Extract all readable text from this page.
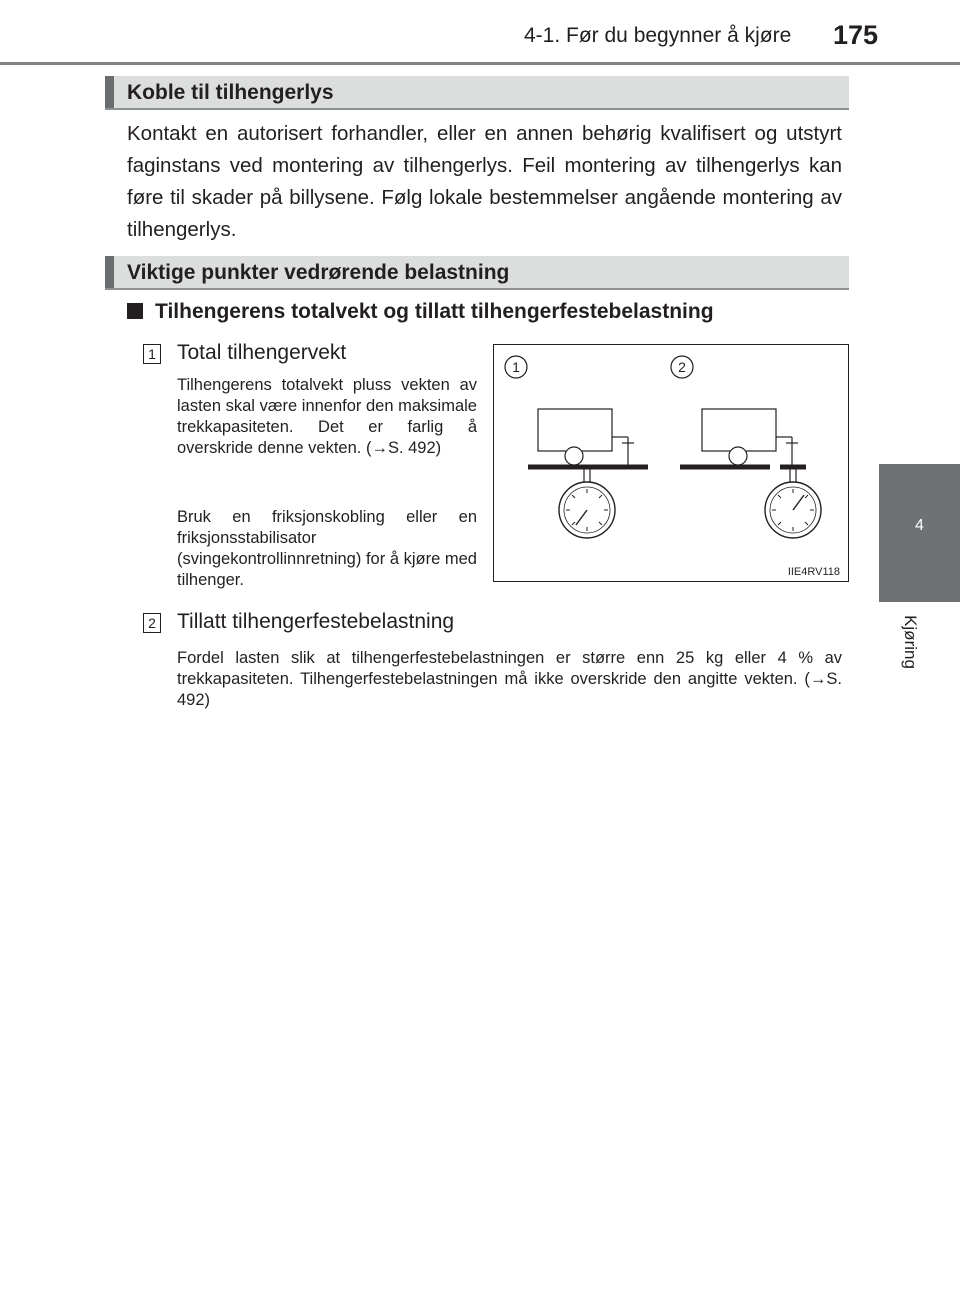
4-1. Før du begynner å kjøre 175
4
Kjøring
Koble til tilhengerlys
Kontakt en autorisert forhandler, eller en annen behørig kvalifisert og utstyrt faginstans ved montering av tilhengerlys. Feil montering av tilhengerlys kan føre til skader på billysene. Følg lokale bestemmelser angående montering av tilhengerlys.
Viktige punkter vedrørende belastning
Tilhengerens totalvekt og tillatt tilhengerfestebelastning
1 Total tilhengervekt
Tilhengerens totalvekt pluss vekten av lasten skal være innenfor den maksimale trekkapasiteten. Det er farlig å overskride denne vekten. (→S. 492)
Bruk en friksjonskobling eller en friksjonsstabilisator (svingekontrollinnretning) for å kjøre med tilhenger.
2 Tillatt tilhengerfestebelastning
Fordel lasten slik at tilhengerfestebelastningen er større enn 25 kg eller 4 % av trekkapasiteten. Tilhengerfestebelastningen må ikke overskride den angitte vekten. (→S. 492)
1	2
IIE4RV118
